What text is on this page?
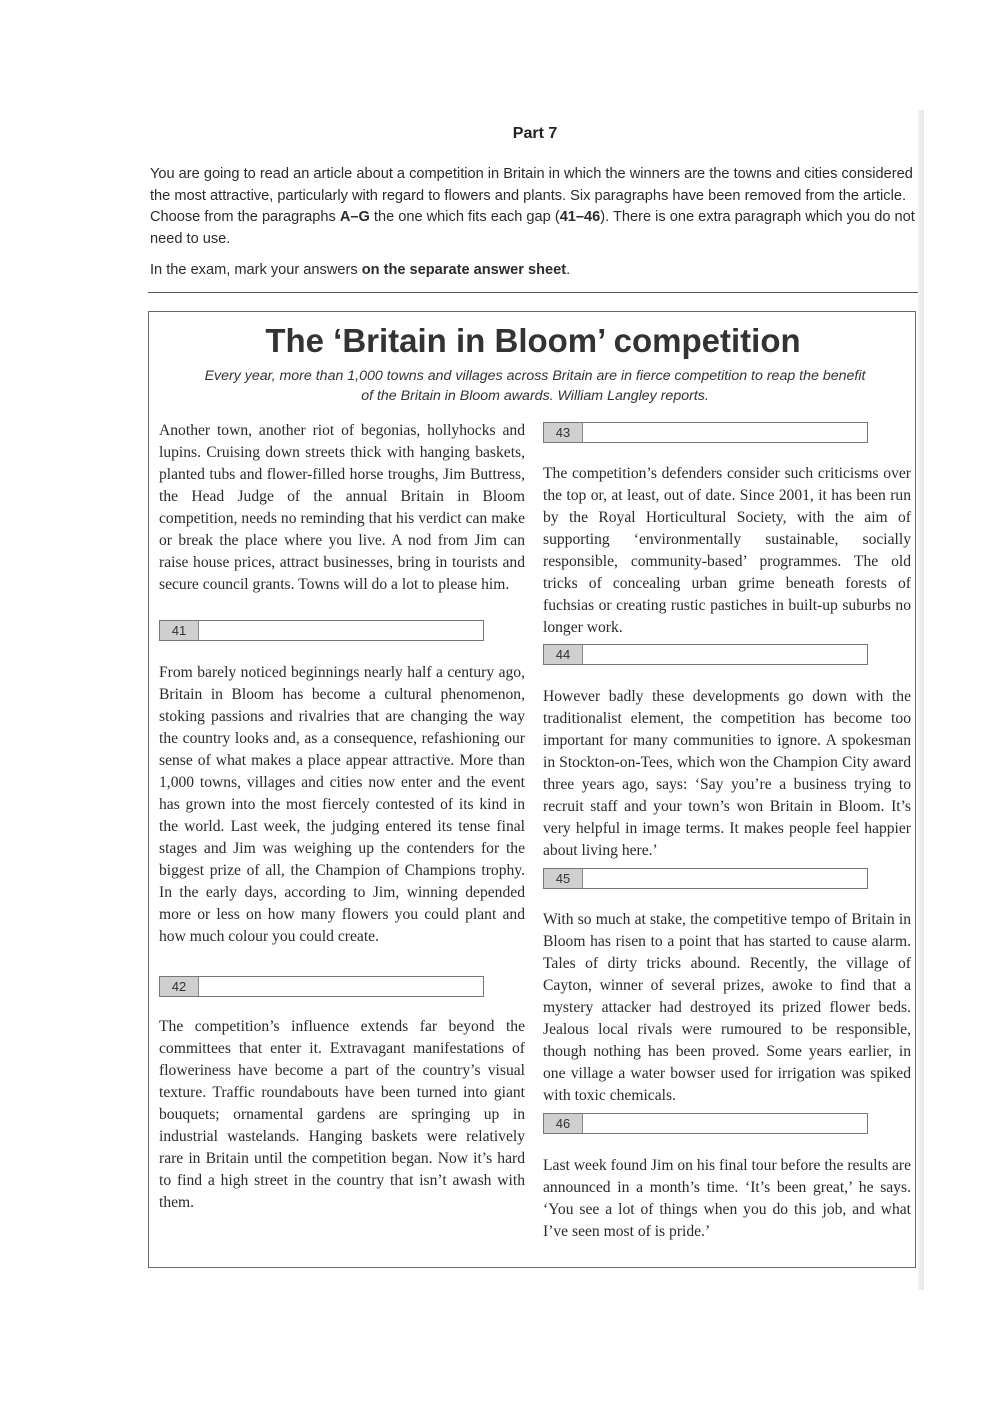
Part 7

You are going to read an article about a competition in Britain in which the winners are the towns and cities considered the most attractive, particularly with regard to flowers and plants. Six paragraphs have been removed from the article. Choose from the paragraphs A–G the one which fits each gap (41–46). There is one extra paragraph which you do not need to use.

In the exam, mark your answers on the separate answer sheet.

The ‘Britain in Bloom’ competition

Every year, more than 1,000 towns and villages across Britain are in fierce competition to reap the benefit of the Britain in Bloom awards. William Langley reports.

Another town, another riot of begonias, hollyhocks and lupins. Cruising down streets thick with hanging baskets, planted tubs and flower-filled horse troughs, Jim Buttress, the Head Judge of the annual Britain in Bloom competition, needs no reminding that his verdict can make or break the place where you live. A nod from Jim can raise house prices, attract businesses, bring in tourists and secure council grants. Towns will do a lot to please him.

41

From barely noticed beginnings nearly half a century ago, Britain in Bloom has become a cultural phenomenon, stoking passions and rivalries that are changing the way the country looks and, as a consequence, refashioning our sense of what makes a place appear attractive. More than 1,000 towns, villages and cities now enter and the event has grown into the most fiercely contested of its kind in the world. Last week, the judging entered its tense final stages and Jim was weighing up the contenders for the biggest prize of all, the Champion of Champions trophy. In the early days, according to Jim, winning depended more or less on how many flowers you could plant and how much colour you could create.

42

The competition’s influence extends far beyond the committees that enter it. Extravagant manifestations of floweriness have become a part of the country’s visual texture. Traffic roundabouts have been turned into giant bouquets; ornamental gardens are springing up in industrial wastelands. Hanging baskets were relatively rare in Britain until the competition began. Now it’s hard to find a high street in the country that isn’t awash with them.

43

The competition’s defenders consider such criticisms over the top or, at least, out of date. Since 2001, it has been run by the Royal Horticultural Society, with the aim of supporting ‘environmentally sustainable, socially responsible, community-based’ programmes. The old tricks of concealing urban grime beneath forests of fuchsias or creating rustic pastiches in built-up suburbs no longer work.

44

However badly these developments go down with the traditionalist element, the competition has become too important for many communities to ignore. A spokesman in Stockton-on-Tees, which won the Champion City award three years ago, says: ‘Say you’re a business trying to recruit staff and your town’s won Britain in Bloom. It’s very helpful in image terms. It makes people feel happier about living here.’

45

With so much at stake, the competitive tempo of Britain in Bloom has risen to a point that has started to cause alarm. Tales of dirty tricks abound. Recently, the village of Cayton, winner of several prizes, awoke to find that a mystery attacker had destroyed its prized flower beds. Jealous local rivals were rumoured to be responsible, though nothing has been proved. Some years earlier, in one village a water bowser used for irrigation was spiked with toxic chemicals.

46

Last week found Jim on his final tour before the results are announced in a month’s time. ‘It’s been great,’ he says. ‘You see a lot of things when you do this job, and what I’ve seen most of is pride.’
